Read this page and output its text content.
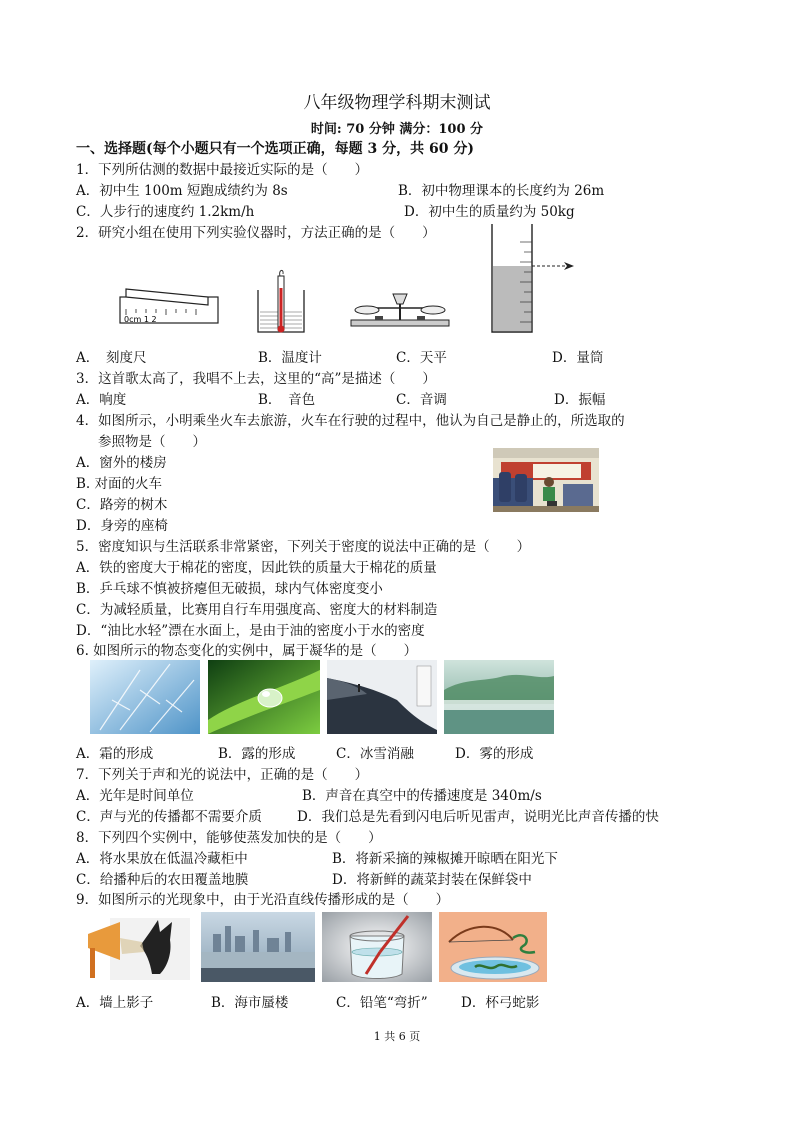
八年级物理学科期末测试
时间: 70 分钟 满分：100 分
一、选择题(每个小题只有一个选项正确，每题 3 分，共 60 分)
1．下列所估测的数据中最接近实际的是（　　）
A．初中生 100m 短跑成绩约为 8s	B．初中物理课本的长度约为 26m
C．人步行的速度约 1.2km/h	D．初中生的质量约为 50kg
2．研究小组在使用下列实验仪器时，方法正确的是（　　）
0cm 1 2
A．　刻度尺	B．温度计	C．天平	D．量筒
3．这首歌太高了，我唱不上去，这里的“高”是描述（　　）
A．响度	B．　音色	C．音调	D．振幅
4．如图所示，小明乘坐火车去旅游，火车在行驶的过程中，他认为自己是静止的，所选取的
参照物是（　　）
A．窗外的楼房
B. 对面的火车
C．路旁的树木
D．身旁的座椅
5．密度知识与生活联系非常紧密，下列关于密度的说法中正确的是（　　）
A．铁的密度大于棉花的密度，因此铁的质量大于棉花的质量
B．乒乓球不慎被挤瘪但无破损，球内气体密度变小
C．为减轻质量，比赛用自行车用强度高、密度大的材料制造
D．“油比水轻”漂在水面上，是由于油的密度小于水的密度
6. 如图所示的物态变化的实例中，属于凝华的是（　　）
A．霜的形成	B．露的形成	C．冰雪消融	D．雾的形成
7．下列关于声和光的说法中，正确的是（　　）
A．光年是时间单位	B．声音在真空中的传播速度是 340m/s
C．声与光的传播都不需要介质	D．我们总是先看到闪电后听见雷声，说明光比声音传播的快
8．下列四个实例中，能够使蒸发加快的是（　　）
A．将水果放在低温冷藏柜中	B．将新采摘的辣椒摊开晾晒在阳光下
C．给播种后的农田覆盖地膜	D．将新鲜的蔬菜封装在保鲜袋中
9．如图所示的光现象中，由于光沿直线传播形成的是（　　）
A．墙上影子	B．海市蜃楼	C．铅笔“弯折” D．杯弓蛇影
1 共 6 页
